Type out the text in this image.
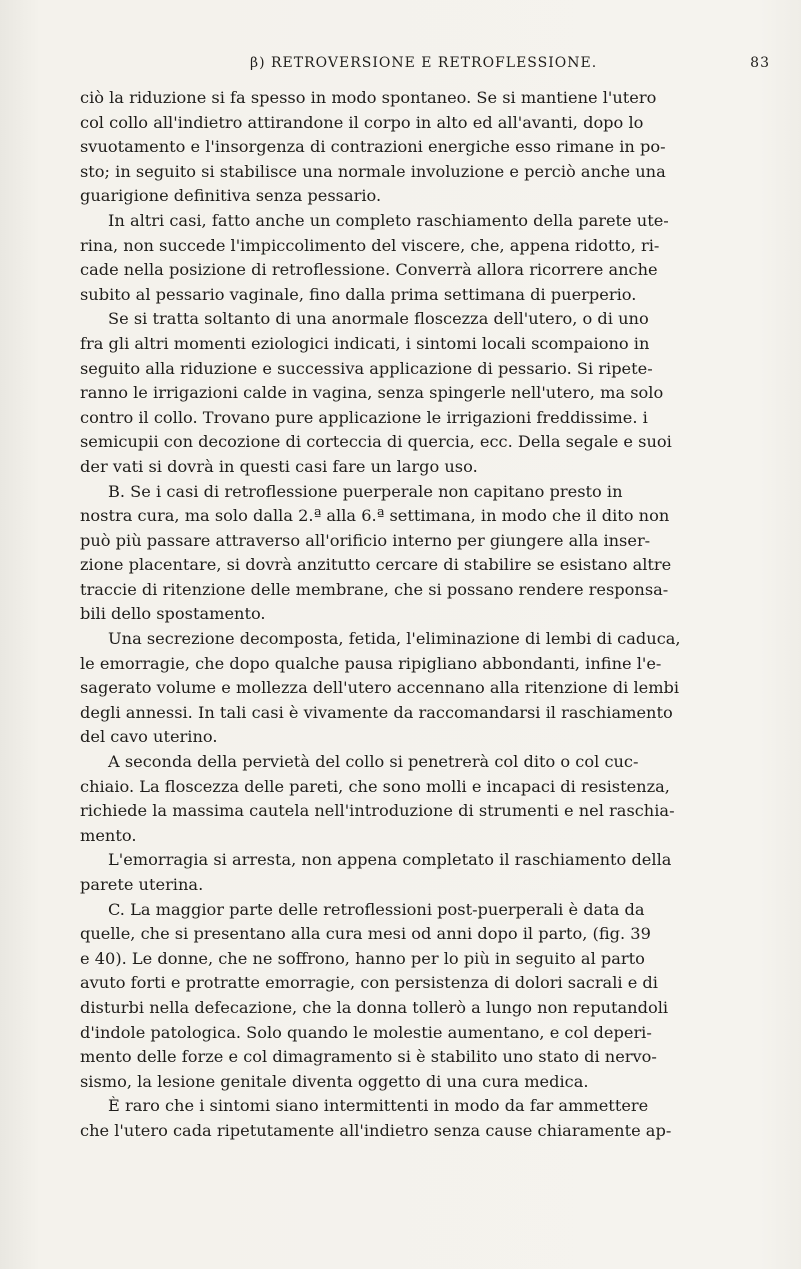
β) RETROVERSIONE E RETROFLESSIONE.	83

ciò la riduzione si fa spesso in modo spontaneo. Se si mantiene l'utero
col collo all'indietro attirandone il corpo in alto ed all'avanti, dopo lo
svuotamento e l'insorgenza di contrazioni energiche esso rimane in po-
sto; in seguito si stabilisce una normale involuzione e perciò anche una
guarigione definitiva senza pessario.

In altri casi, fatto anche un completo raschiamento della parete ute-
rina, non succede l'impiccolimento del viscere, che, appena ridotto, ri-
cade nella posizione di retroflessione. Converrà allora ricorrere anche
subito al pessario vaginale, fino dalla prima settimana di puerperio.

Se si tratta soltanto di una anormale floscezza dell'utero, o di uno
fra gli altri momenti eziologici indicati, i sintomi locali scompaiono in
seguito alla riduzione e successiva applicazione di pessario. Si ripete-
ranno le irrigazioni calde in vagina, senza spingerle nell'utero, ma solo
contro il collo. Trovano pure applicazione le irrigazioni freddissime. i
semicupii con decozione di corteccia di quercia, ecc. Della segale e suoi
der vati si dovrà in questi casi fare un largo uso.

B. Se i casi di retroflessione puerperale non capitano presto in
nostra cura, ma solo dalla 2.ª alla 6.ª settimana, in modo che il dito non
può più passare attraverso all'orificio interno per giungere alla inser-
zione placentare, si dovrà anzitutto cercare di stabilire se esistano altre
traccie di ritenzione delle membrane, che si possano rendere responsa-
bili dello spostamento.

Una secrezione decomposta, fetida, l'eliminazione di lembi di caduca,
le emorragie, che dopo qualche pausa ripigliano abbondanti, infine l'e-
sagerato volume e mollezza dell'utero accennano alla ritenzione di lembi
degli annessi. In tali casi è vivamente da raccomandarsi il raschiamento
del cavo uterino.

A seconda della pervietà del collo si penetrerà col dito o col cuc-
chiaio. La floscezza delle pareti, che sono molli e incapaci di resistenza,
richiede la massima cautela nell'introduzione di strumenti e nel raschia-
mento.

L'emorragia si arresta, non appena completato il raschiamento della
parete uterina.

C. La maggior parte delle retroflessioni post-puerperali è data da
quelle, che si presentano alla cura mesi od anni dopo il parto, (fig. 39
e 40). Le donne, che ne soffrono, hanno per lo più in seguito al parto
avuto forti e protratte emorragie, con persistenza di dolori sacrali e di
disturbi nella defecazione, che la donna tollerò a lungo non reputandoli
d'indole patologica. Solo quando le molestie aumentano, e col deperi-
mento delle forze e col dimagramento si è stabilito uno stato di nervo-
sismo, la lesione genitale diventa oggetto di una cura medica.

È raro che i sintomi siano intermittenti in modo da far ammettere
che l'utero cada ripetutamente all'indietro senza cause chiaramente ap-
